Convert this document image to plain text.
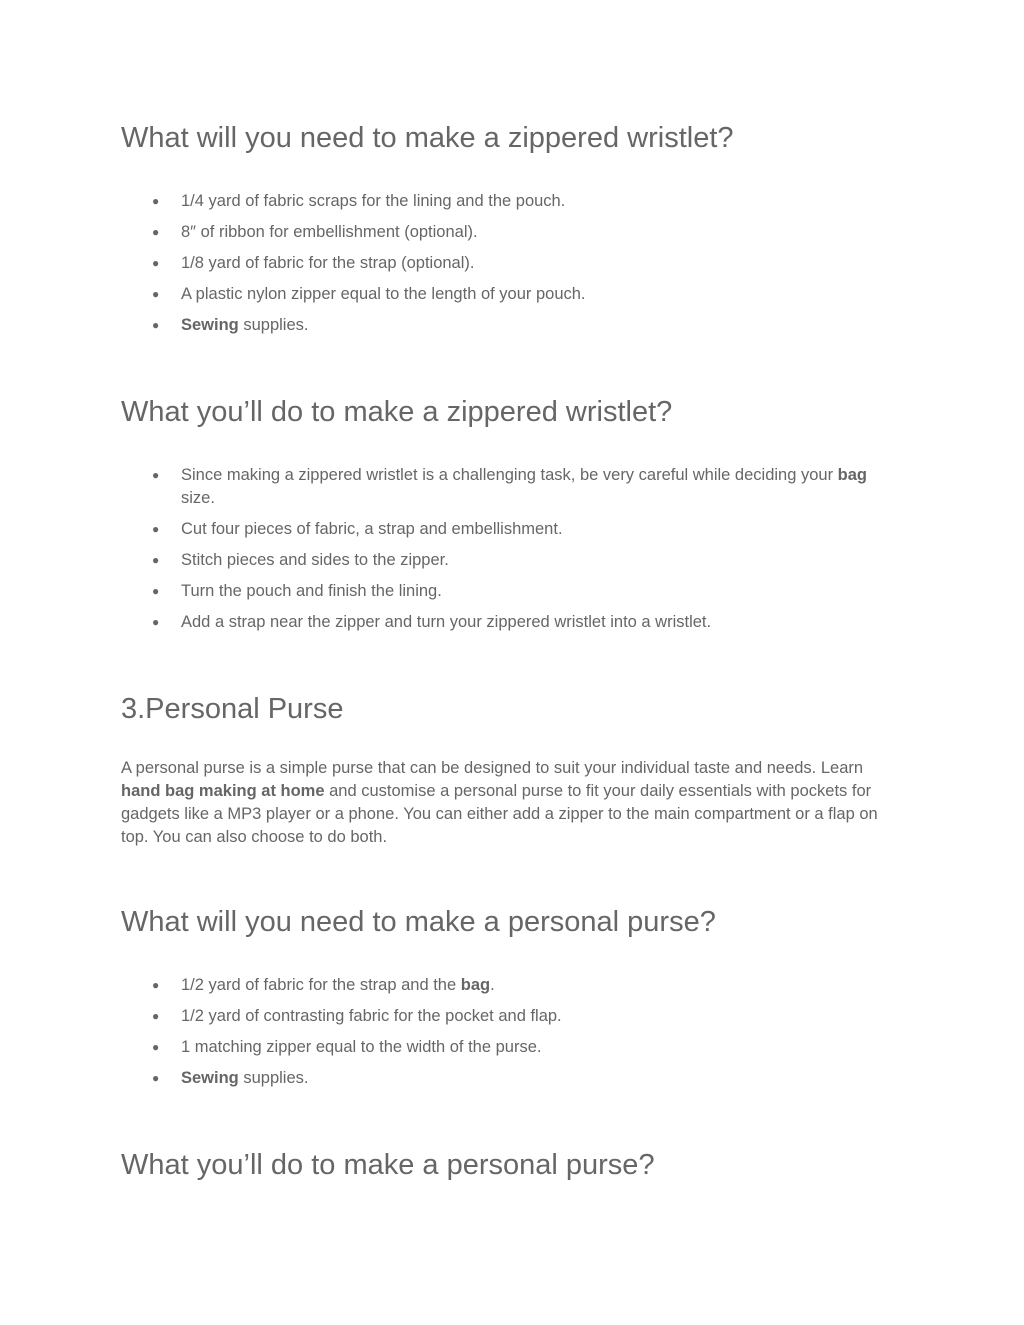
What will you need to make a zippered wristlet?
● 1/4 yard of fabric scraps for the lining and the pouch.
● 8″ of ribbon for embellishment (optional).
● 1/8 yard of fabric for the strap (optional).
● A plastic nylon zipper equal to the length of your pouch.
● Sewing supplies.
What you’ll do to make a zippered wristlet?
● Since making a zippered wristlet is a challenging task, be very careful while deciding your bag size.
● Cut four pieces of fabric, a strap and embellishment.
● Stitch pieces and sides to the zipper.
● Turn the pouch and finish the lining.
● Add a strap near the zipper and turn your zippered wristlet into a wristlet.
3.Personal Purse

A personal purse is a simple purse that can be designed to suit your individual taste and needs. Learn hand bag making at home and customise a personal purse to fit your daily essentials with pockets for gadgets like a MP3 player or a phone. You can either add a zipper to the main compartment or a flap on top. You can also choose to do both.

What will you need to make a personal purse?
● 1/2 yard of fabric for the strap and the bag.
● 1/2 yard of contrasting fabric for the pocket and flap.
● 1 matching zipper equal to the width of the purse.
● Sewing supplies.
What you’ll do to make a personal purse?
